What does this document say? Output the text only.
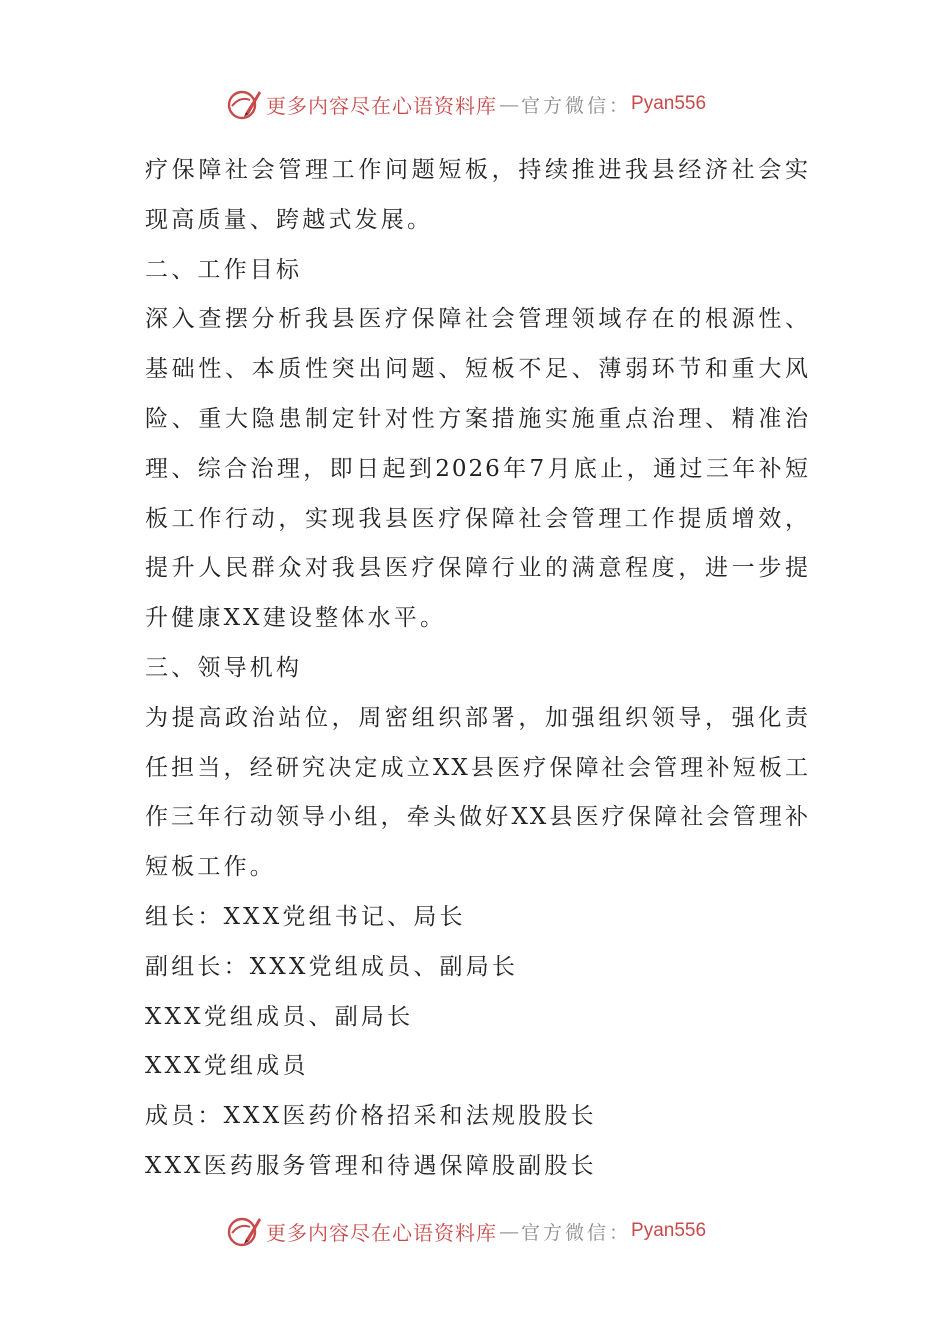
更多内容尽在心语资料库 — 官方微信： Pyan556
疗保障社会管理工作问题短板，持续推进我县经济社会实
现高质量、跨越式发展。
二、工作目标
深入查摆分析我县医疗保障社会管理领域存在的根源性、
基础性、本质性突出问题、短板不足、薄弱环节和重大风
险、重大隐患制定针对性方案措施实施重点治理、精准治
理、综合治理，即日起到2026年7月底止，通过三年补短
板工作行动，实现我县医疗保障社会管理工作提质增效，
提升人民群众对我县医疗保障行业的满意程度，进一步提
升健康XX建设整体水平。
三、领导机构
为提高政治站位，周密组织部署，加强组织领导，强化责
任担当，经研究决定成立XX县医疗保障社会管理补短板工
作三年行动领导小组，牵头做好XX县医疗保障社会管理补
短板工作。
组长：XXX党组书记、局长
副组长：XXX党组成员、副局长
XXX党组成员、副局长
XXX党组成员
成员：XXX医药价格招采和法规股股长
XXX医药服务管理和待遇保障股副股长
更多内容尽在心语资料库 — 官方微信： Pyan556
